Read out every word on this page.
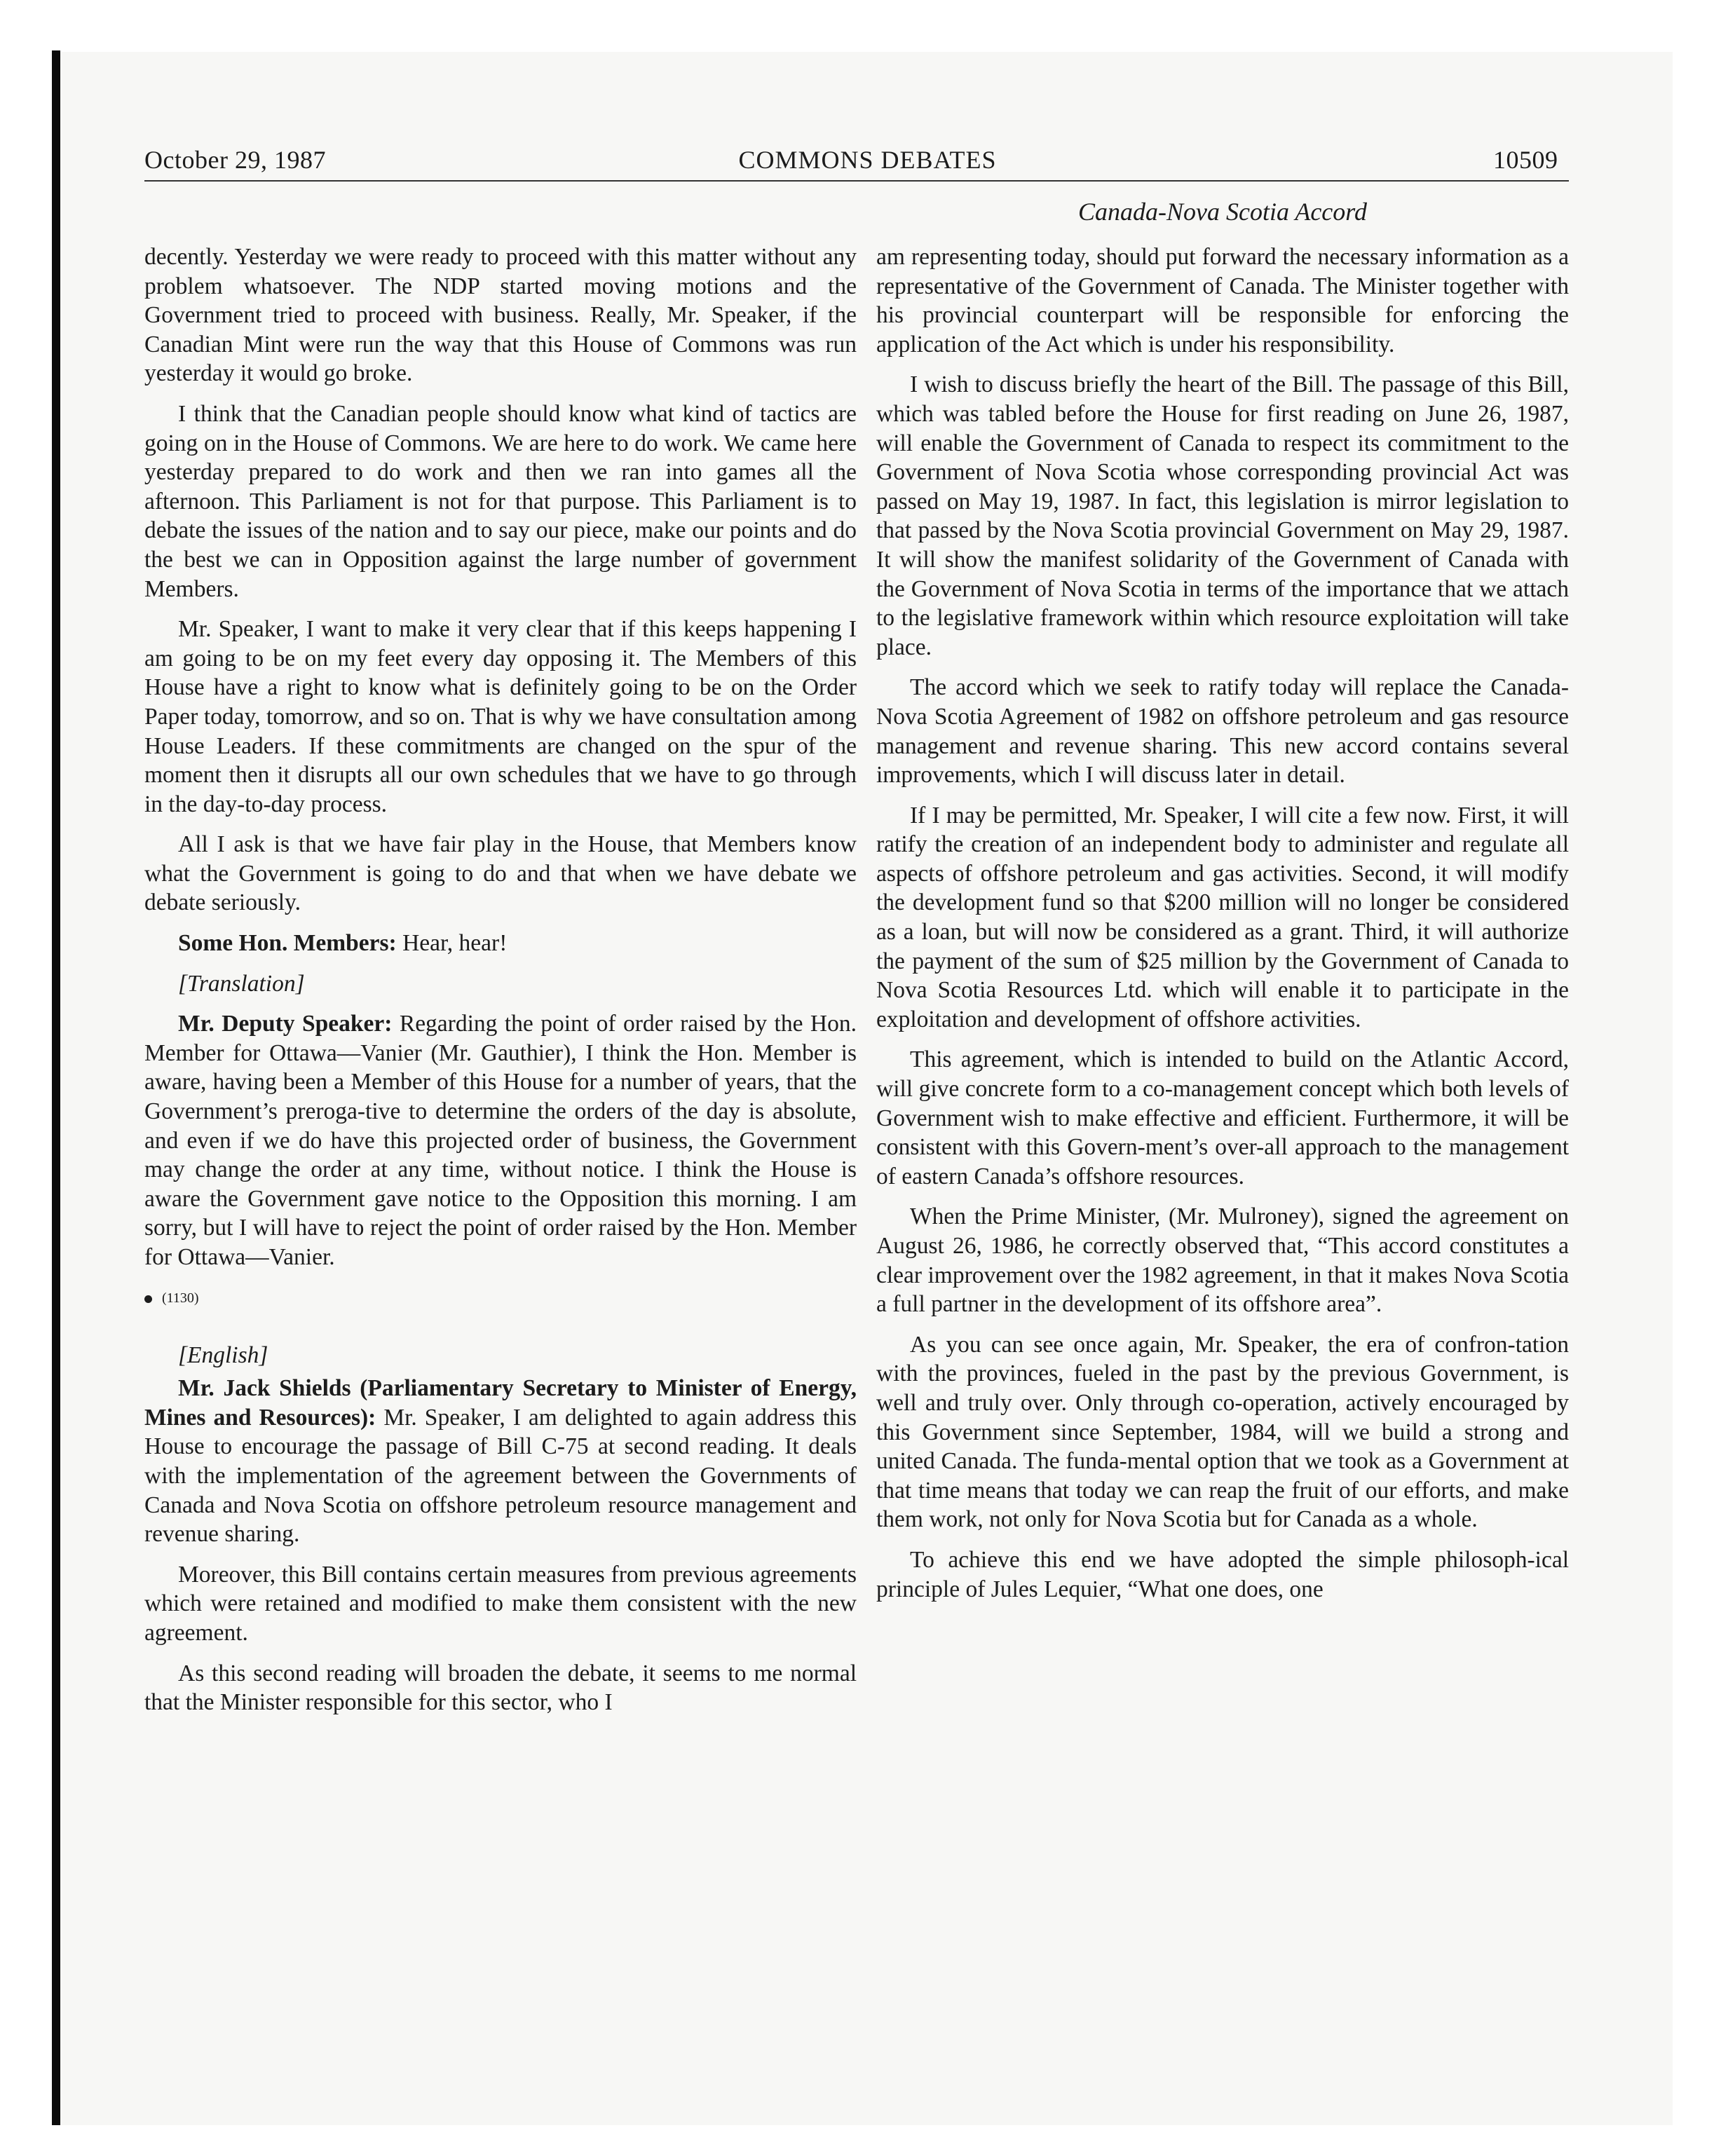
October 29, 1987	COMMONS DEBATES	10509
Canada-Nova Scotia Accord

decently. Yesterday we were ready to proceed with this matter without any problem whatsoever. The NDP started moving motions and the Government tried to proceed with business. Really, Mr. Speaker, if the Canadian Mint were run the way that this House of Commons was run yesterday it would go broke.

I think that the Canadian people should know what kind of tactics are going on in the House of Commons. We are here to do work. We came here yesterday prepared to do work and then we ran into games all the afternoon. This Parliament is not for that purpose. This Parliament is to debate the issues of the nation and to say our piece, make our points and do the best we can in Opposition against the large number of government Members.

Mr. Speaker, I want to make it very clear that if this keeps happening I am going to be on my feet every day opposing it. The Members of this House have a right to know what is definitely going to be on the Order Paper today, tomorrow, and so on. That is why we have consultation among House Leaders. If these commitments are changed on the spur of the moment then it disrupts all our own schedules that we have to go through in the day-to-day process.

All I ask is that we have fair play in the House, that Members know what the Government is going to do and that when we have debate we debate seriously.

Some Hon. Members: Hear, hear!

[Translation]

Mr. Deputy Speaker: Regarding the point of order raised by the Hon. Member for Ottawa—Vanier (Mr. Gauthier), I think the Hon. Member is aware, having been a Member of this House for a number of years, that the Government’s preroga-tive to determine the orders of the day is absolute, and even if we do have this projected order of business, the Government may change the order at any time, without notice. I think the House is aware the Government gave notice to the Opposition this morning. I am sorry, but I will have to reject the point of order raised by the Hon. Member for Ottawa—Vanier.

(1130)
[English]

Mr. Jack Shields (Parliamentary Secretary to Minister of Energy, Mines and Resources): Mr. Speaker, I am delighted to again address this House to encourage the passage of Bill C-75 at second reading. It deals with the implementation of the agreement between the Governments of Canada and Nova Scotia on offshore petroleum resource management and revenue sharing.

Moreover, this Bill contains certain measures from previous agreements which were retained and modified to make them consistent with the new agreement.

As this second reading will broaden the debate, it seems to me normal that the Minister responsible for this sector, who I

am representing today, should put forward the necessary information as a representative of the Government of Canada. The Minister together with his provincial counterpart will be responsible for enforcing the application of the Act which is under his responsibility.

I wish to discuss briefly the heart of the Bill. The passage of this Bill, which was tabled before the House for first reading on June 26, 1987, will enable the Government of Canada to respect its commitment to the Government of Nova Scotia whose corresponding provincial Act was passed on May 19, 1987. In fact, this legislation is mirror legislation to that passed by the Nova Scotia provincial Government on May 29, 1987. It will show the manifest solidarity of the Government of Canada with the Government of Nova Scotia in terms of the importance that we attach to the legislative framework within which resource exploitation will take place.

The accord which we seek to ratify today will replace the Canada-Nova Scotia Agreement of 1982 on offshore petroleum and gas resource management and revenue sharing. This new accord contains several improvements, which I will discuss later in detail.

If I may be permitted, Mr. Speaker, I will cite a few now. First, it will ratify the creation of an independent body to administer and regulate all aspects of offshore petroleum and gas activities. Second, it will modify the development fund so that $200 million will no longer be considered as a loan, but will now be considered as a grant. Third, it will authorize the payment of the sum of $25 million by the Government of Canada to Nova Scotia Resources Ltd. which will enable it to participate in the exploitation and development of offshore activities.

This agreement, which is intended to build on the Atlantic Accord, will give concrete form to a co-management concept which both levels of Government wish to make effective and efficient. Furthermore, it will be consistent with this Govern-ment’s over-all approach to the management of eastern Canada’s offshore resources.

When the Prime Minister, (Mr. Mulroney), signed the agreement on August 26, 1986, he correctly observed that, “This accord constitutes a clear improvement over the 1982 agreement, in that it makes Nova Scotia a full partner in the development of its offshore area”.

As you can see once again, Mr. Speaker, the era of confron-tation with the provinces, fueled in the past by the previous Government, is well and truly over. Only through co-operation, actively encouraged by this Government since September, 1984, will we build a strong and united Canada. The funda-mental option that we took as a Government at that time means that today we can reap the fruit of our efforts, and make them work, not only for Nova Scotia but for Canada as a whole.

To achieve this end we have adopted the simple philosoph-ical principle of Jules Lequier, “What one does, one
